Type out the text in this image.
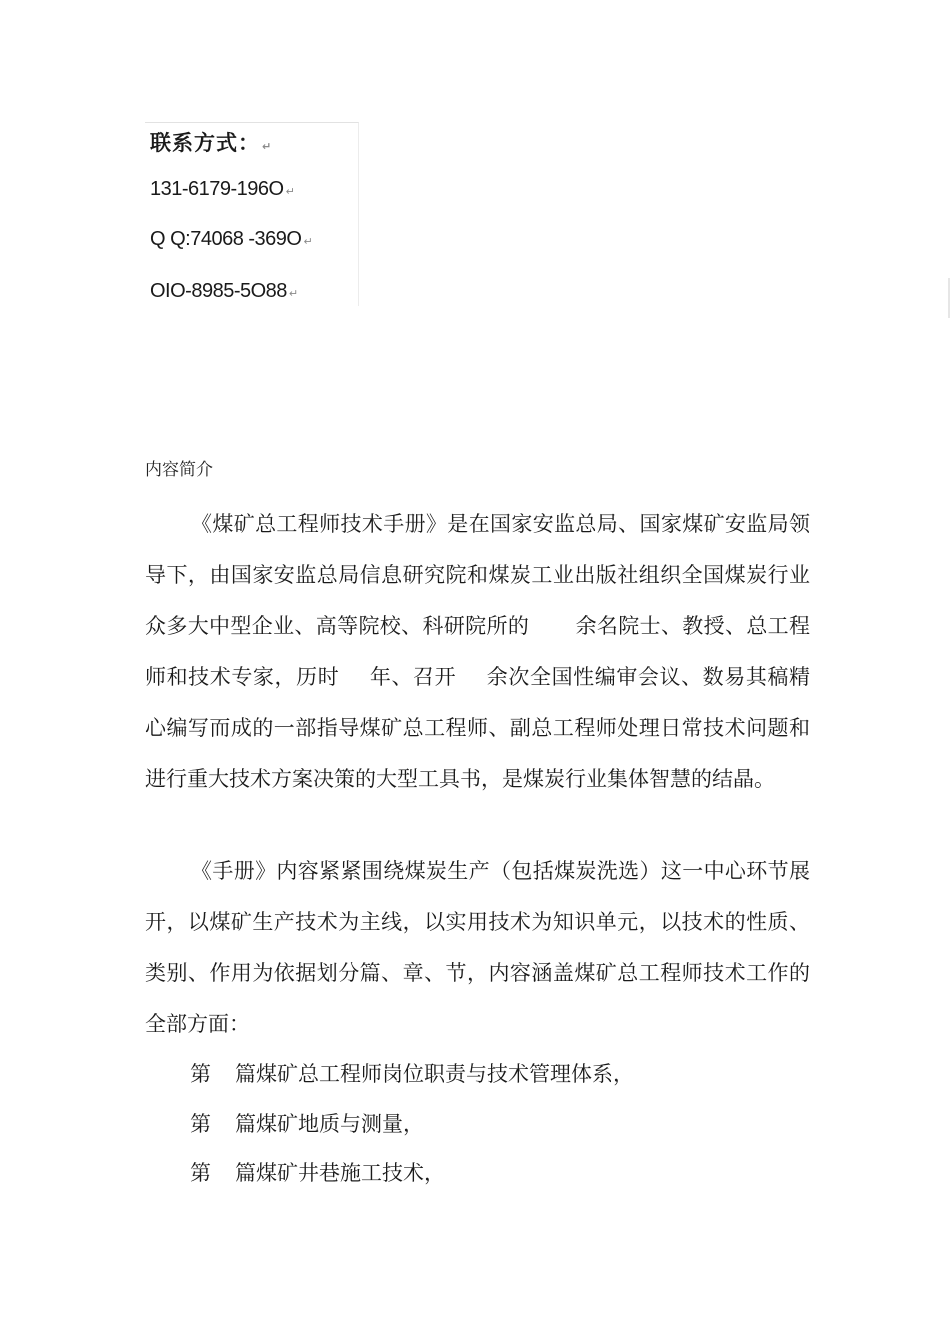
联系方式： ↵
131-6179-196O ↵
Q Q:74068 -369O ↵
OIO-8985-5O88 ↵
内容简介

《煤矿总工程师技术手册》是在国家安监总局、国家煤矿安监局领导下，由国家安监总局信息研究院和煤炭工业出版社组织全国煤炭行业众多大中型企业、高等院校、科研院所的 余名院士、教授、总工程师和技术专家，历时 年、召开 余次全国性编审会议、数易其稿精心编写而成的一部指导煤矿总工程师、副总工程师处理日常技术问题和进行重大技术方案决策的大型工具书，是煤炭行业集体智慧的结晶。

《手册》内容紧紧围绕煤炭生产（包括煤炭洗选）这一中心环节展开，以煤矿生产技术为主线，以实用技术为知识单元，以技术的性质、类别、作用为依据划分篇、章、节，内容涵盖煤矿总工程师技术工作的全部方面：

第 篇煤矿总工程师岗位职责与技术管理体系，
第 篇煤矿地质与测量，
第 篇煤矿井巷施工技术，
